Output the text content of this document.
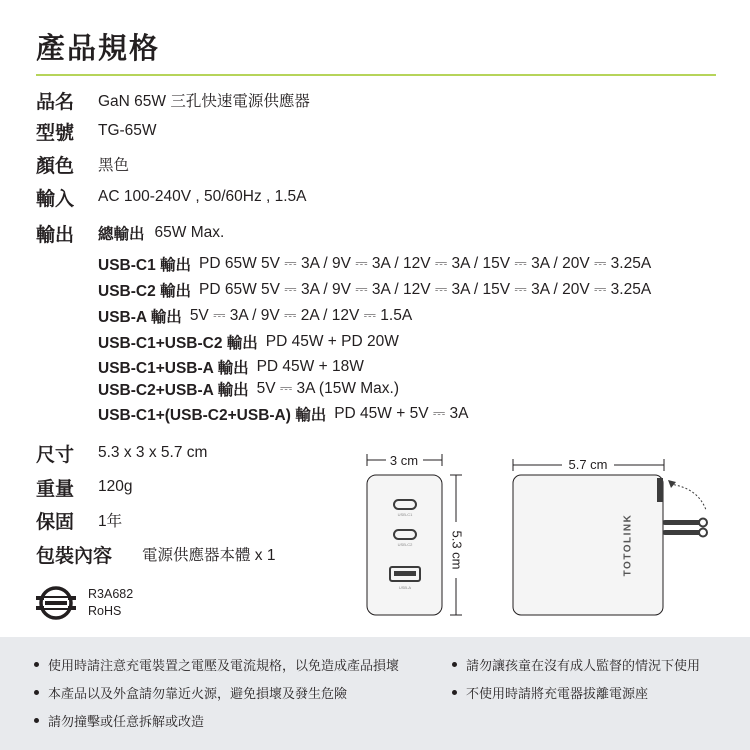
產品規格
品名	GaN 65W 三孔快速電源供應器
型號	TG-65W
顏色	黑色
輸入	AC 100-240V , 50/60Hz , 1.5A
輸出	總輸出 65W Max.
USB-C1 輸出 PD 65W 5V ⎓ 3A / 9V ⎓ 3A / 12V ⎓ 3A / 15V ⎓ 3A / 20V ⎓ 3.25A
USB-C2 輸出 PD 65W 5V ⎓ 3A / 9V ⎓ 3A / 12V ⎓ 3A / 15V ⎓ 3A / 20V ⎓ 3.25A
USB-A 輸出 5V ⎓ 3A / 9V ⎓ 2A / 12V ⎓ 1.5A
USB-C1+USB-C2 輸出 PD 45W + PD 20W
USB-C1+USB-A 輸出 PD 45W + 18W
USB-C2+USB-A 輸出 5V ⎓ 3A (15W Max.)
USB-C1+(USB-C2+USB-A) 輸出 PD 45W + 5V ⎓ 3A
尺寸	5.3 x 3 x 5.7 cm
重量	120g
保固	1年
包裝內容	電源供應器本體 x 1
R3A682
RoHS
3 cm
USB-C1
USB-C2
USB-A
5.3 cm
5.7 cm
TOTOLINK
使用時請注意充電裝置之電壓及電流規格，以免造成產品損壞	請勿讓孩童在沒有成人監督的情況下使用
本產品以及外盒請勿靠近火源，避免損壞及發生危險	不使用時請將充電器拔離電源座
請勿撞擊或任意拆解或改造
